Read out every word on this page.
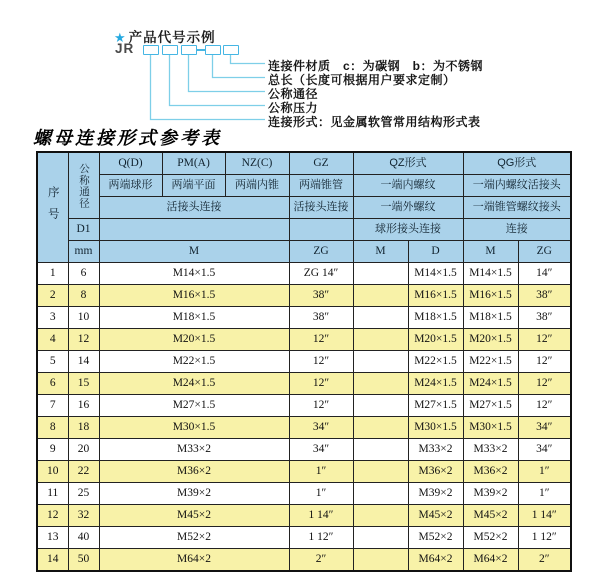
★ 产品代号示例
JR
连接件材质　c：为碳钢　b：为不锈钢
总长（长度可根据用户要求定制）
公称通径
公称压力
连接形式：见金属软管常用结构形式表
螺母连接形式参考表
序号	公称通径	Q(D)	PM(A)	NZ(C)	GZ	QZ形式		QG形式	
		两端球形	两端平面	两端内锥	两端锥管	一端内螺纹		一端内螺纹活接头	
		活接头连接			活接头连接	一端外螺纹		一端锥管螺纹接头	
	D1					球形接头连接		连接	
	mm	M			ZG	M	D	M	ZG
1	6	M14×1.5			ZG 14″		M14×1.5	M14×1.5	14″
2	8	M16×1.5			38″		M16×1.5	M16×1.5	38″
3	10	M18×1.5			38″		M18×1.5	M18×1.5	38″
4	12	M20×1.5			12″		M20×1.5	M20×1.5	12″
5	14	M22×1.5			12″		M22×1.5	M22×1.5	12″
6	15	M24×1.5			12″		M24×1.5	M24×1.5	12″
7	16	M27×1.5			12″		M27×1.5	M27×1.5	12″
8	18	M30×1.5			34″		M30×1.5	M30×1.5	34″
9	20	M33×2			34″		M33×2	M33×2	34″
10	22	M36×2			1″		M36×2	M36×2	1″
11	25	M39×2			1″		M39×2	M39×2	1″
12	32	M45×2			1 14″		M45×2	M45×2	1 14″
13	40	M52×2			1 12″		M52×2	M52×2	1 12″
14	50	M64×2			2″		M64×2	M64×2	2″
